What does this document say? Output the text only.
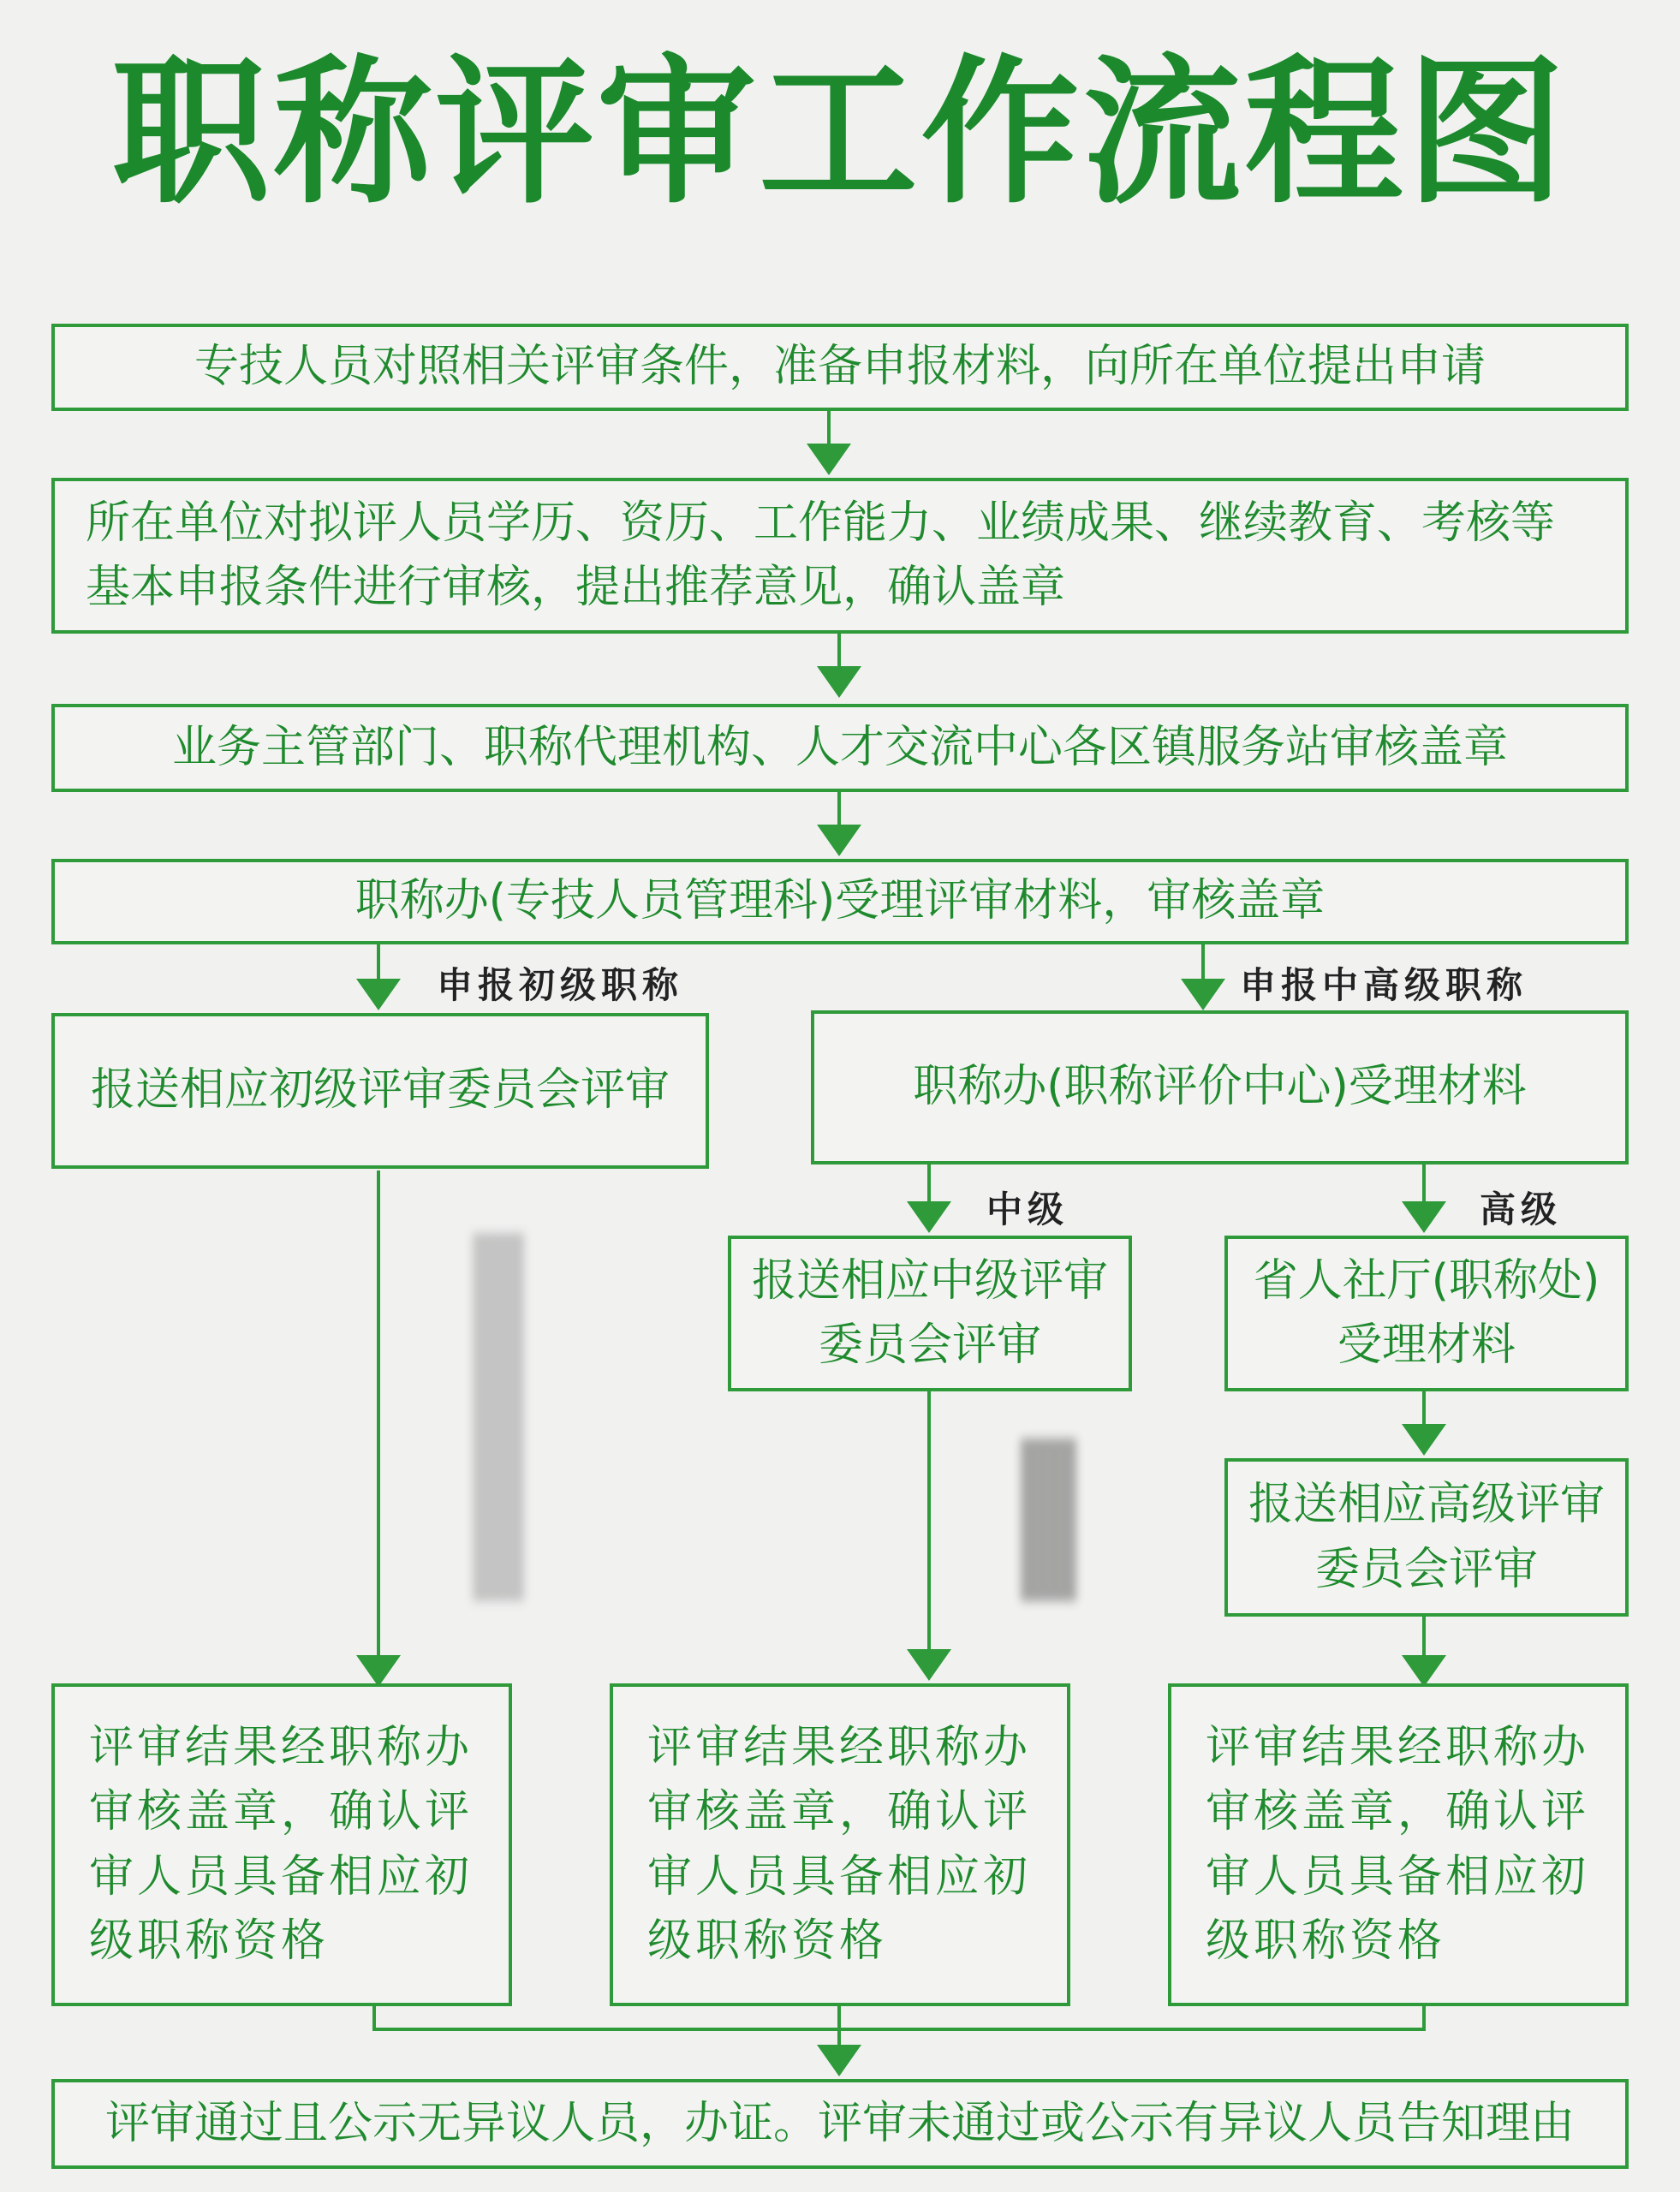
职称评审工作流程图
专技人员对照相关评审条件，准备申报材料，向所在单位提出申请
所在单位对拟评人员学历、资历、工作能力、业绩成果、继续教育、考核等
基本申报条件进行审核，提出推荐意见，确认盖章
业务主管部门、职称代理机构、人才交流中心各区镇服务站审核盖章
职称办(专技人员管理科)受理评审材料，审核盖章
申报初级职称	申报中高级职称
报送相应初级评审委员会评审	职称办(职称评价中心)受理材料
中级	高级
报送相应中级评审
委员会评审
省人社厅(职称处)
受理材料
报送相应高级评审
委员会评审
评审结果经职称办
审核盖章，确认评
审人员具备相应初
级职称资格
评审结果经职称办
审核盖章，确认评
审人员具备相应初
级职称资格
评审结果经职称办
审核盖章，确认评
审人员具备相应初
级职称资格
评审通过且公示无异议人员，办证。评审未通过或公示有异议人员告知理由
